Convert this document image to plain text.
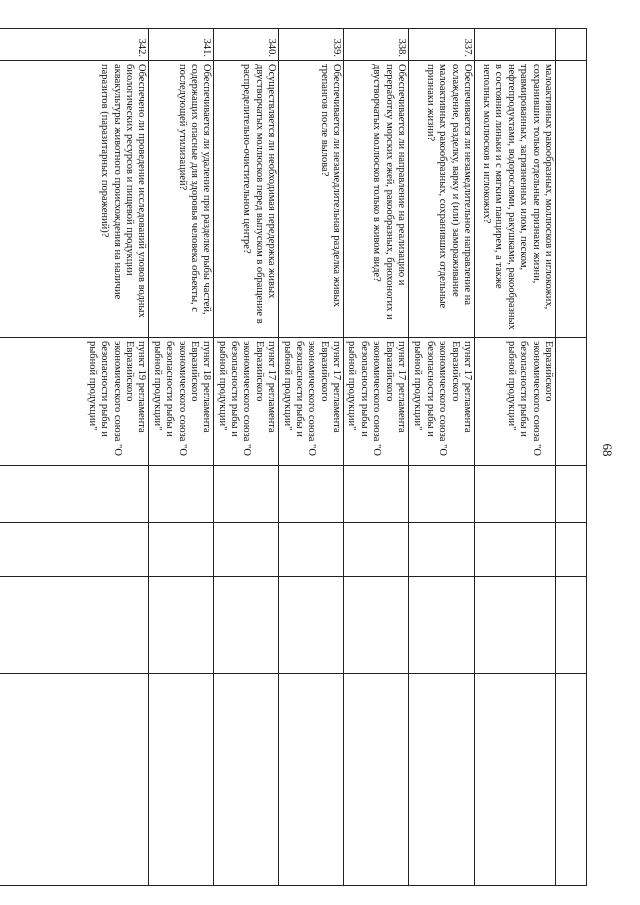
68

	малоактивных ракообразных, моллюсков и иглокожих, сохранивших только отдельные признаки жизни, травмированных, загрязненных илом, песком, нефтепродуктами, водорослями, ракушками, ракообразных в состоянии линьки и с мягким панцирем, а также неполных моллюсков и иглокожих?	Евразийского экономического союза "О безопасности рыбы и рыбной продукции"				
337.	Обеспечивается ли незамедлительное направление на охлаждение, разделку, варку и (или) замораживание малоактивных ракообразных, сохранивших отдельные признаки жизни?	пункт 17 регламента Евразийского экономического союза "О безопасности рыбы и рыбной продукции"				
338.	Обеспечивается ли направление на реализацию и переработку морских ежей, ракообразных, брюхоногих и двустворчатых моллюсков только в живом виде?	пункт 17 регламента Евразийского экономического союза "О безопасности рыбы и рыбной продукции"				
339.	Обеспечивается ли незамедлительная разделка живых трепангов после вылова?	пункт 17 регламента Евразийского экономического союза "О безопасности рыбы и рыбной продукции"				
340.	Осуществляется ли необходимая передержка живых двустворчатых моллюсков перед выпуском в обращение в распределительно-очистительном центре?	пункт 17 регламента Евразийского экономического союза "О безопасности рыбы и рыбной продукции"				
341.	Обеспечивается ли удаление при разделке рыбы частей, содержащих опасные для здоровья человека объекты, с последующей утилизацией?	пункт 18 регламента Евразийского экономического союза "О безопасности рыбы и рыбной продукции"				
342.	Обеспечено ли проведение исследований уловов водных биологических ресурсов и пищевой продукции аквакультуры животного происхождения на наличие паразитов (паразитарных поражений)?	пункт 19 регламента Евразийского экономического союза "О безопасности рыбы и рыбной продукции"				
